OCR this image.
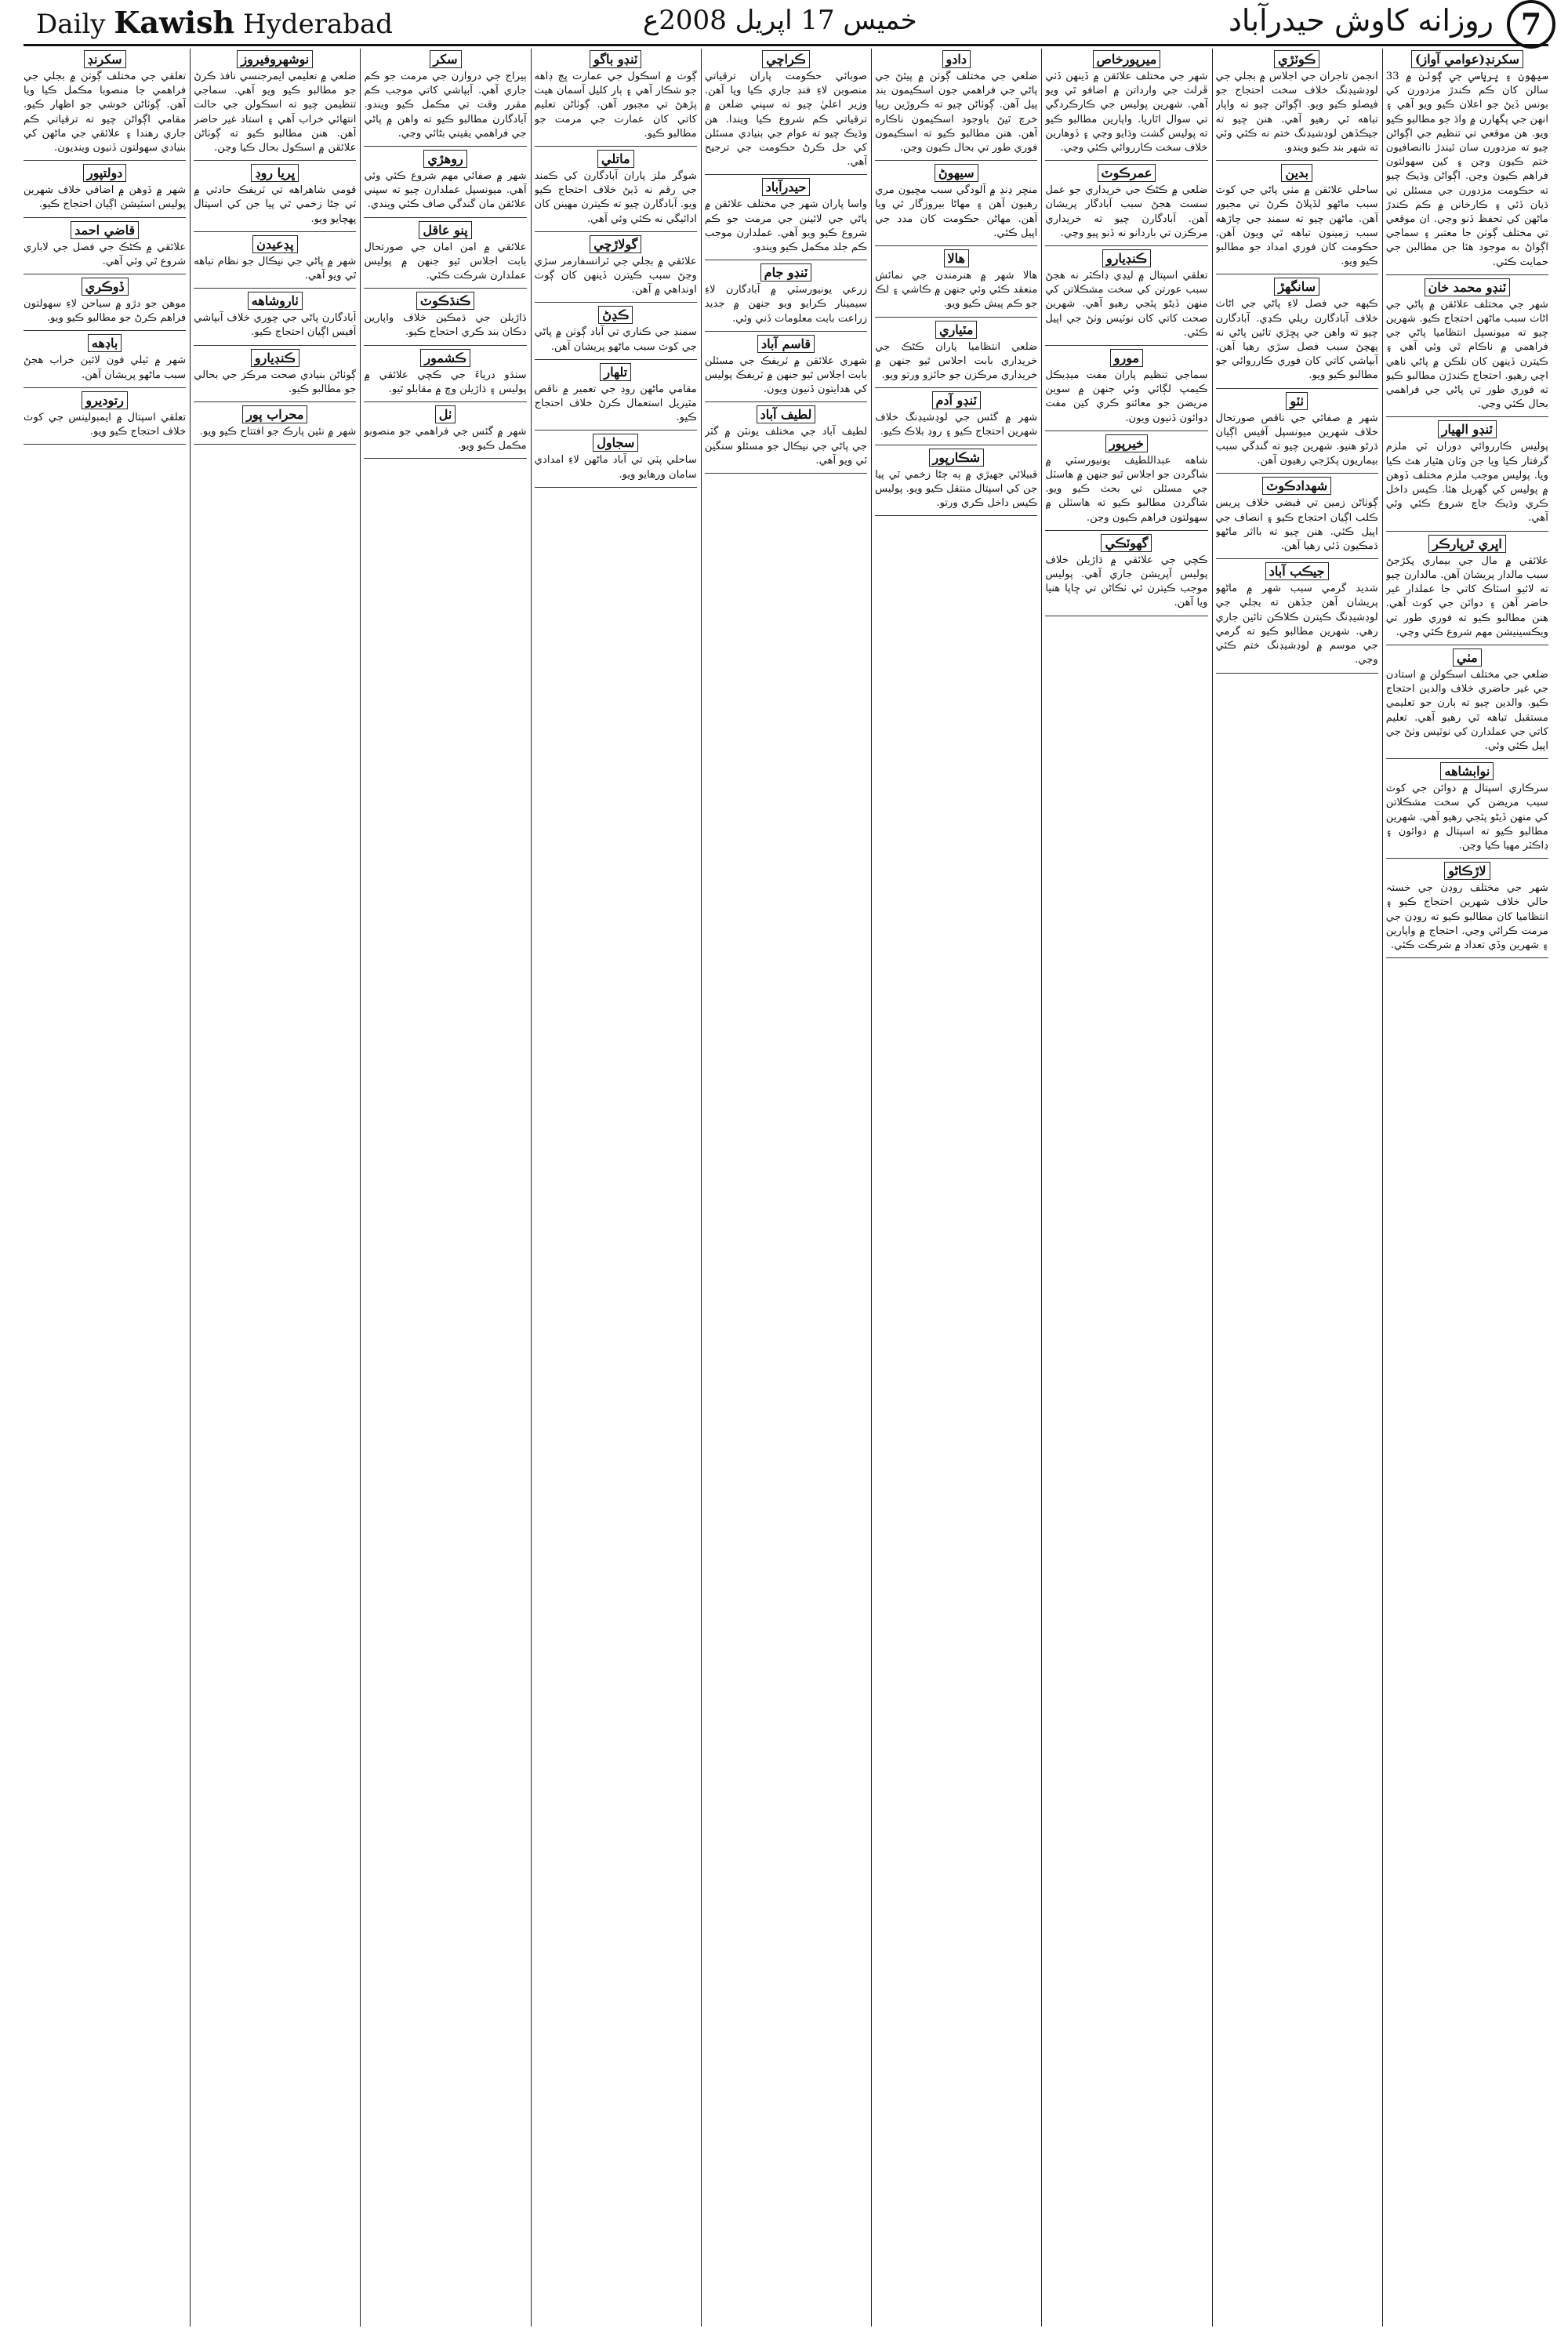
Daily Kawish Hyderabad	خميس 17 اپريل 2008ع	روزانه كاوش حيدرآباد 7
سكرنڊ(عوامي آواز)

سيهون ۽ ڀرپاسي جي ڳوٺن ۾ 33 سالن كان ڪم ڪندڙ مزدورن كي بونس ڏيڻ جو اعلان ڪيو ويو آهي ۽ انهن جي پگهارن ۾ واڌ جو مطالبو ڪيو ويو. هن موقعي تي تنظيم جي اڳواڻن چيو ته مزدورن سان ٿيندڙ ناانصافيون ختم ڪيون وڃن ۽ کين سهولتون فراهم ڪيون وڃن. اڳواڻن وڌيڪ چيو ته حڪومت مزدورن جي مسئلن تي ڌيان ڏئي ۽ ڪارخانن ۾ ڪم ڪندڙ ماڻهن کي تحفظ ڏنو وڃي. ان موقعي تي مختلف ڳوٺن جا معتبر ۽ سماجي اڳواڻ به موجود هئا جن مطالبن جي حمايت ڪئي.

ٽنڊو محمد خان

شهر جي مختلف علائقن ۾ پاڻي جي اڻاٺ سبب ماڻهن احتجاج ڪيو. شهرين چيو ته ميونسپل انتظاميا پاڻي جي فراهمي ۾ ناڪام ٿي وئي آهي ۽ ڪيترن ڏينهن کان نلڪن ۾ پاڻي ناهي اچي رهيو. احتجاج ڪندڙن مطالبو ڪيو ته فوري طور تي پاڻي جي فراهمي بحال ڪئي وڃي.

ٽنڊو الهيار

پوليس ڪارروائي دوران ٽي ملزم گرفتار ڪيا ويا جن وٽان هٿيار هٿ ڪيا ويا. پوليس موجب ملزم مختلف ڏوهن ۾ پوليس کي گهربل هئا. ڪيس داخل ڪري وڌيڪ جاچ شروع ڪئي وئي آهي.

اڀري ٿرپارڪر

علائقي ۾ مال جي بيماري پکڙجڻ سبب مالدار پريشان آهن. مالدارن چيو ته لائيو اسٽاڪ کاتي جا عملدار غير حاضر آهن ۽ دوائن جي کوٽ آهي. هنن مطالبو ڪيو ته فوري طور تي ويڪسينيشن مهم شروع ڪئي وڃي.

مٺي

ضلعي جي مختلف اسڪولن ۾ استادن جي غير حاضري خلاف والدين احتجاج ڪيو. والدين چيو ته ٻارن جو تعليمي مستقبل تباهه ٿي رهيو آهي. تعليم کاتي جي عملدارن کي نوٽيس وٺڻ جي اپيل ڪئي وئي.

نوابشاهه

سرڪاري اسپتال ۾ دوائن جي کوٽ سبب مريضن کي سخت مشڪلاتن کي منهن ڏيڻو پئجي رهيو آهي. شهرين مطالبو ڪيو ته اسپتال ۾ دوائون ۽ ڊاڪٽر مهيا ڪيا وڃن.

لاڙڪاڻو

شهر جي مختلف روڊن جي خستہ حالي خلاف شهرين احتجاج ڪيو ۽ انتظاميا کان مطالبو ڪيو ته روڊن جي مرمت ڪرائي وڃي. احتجاج ۾ واپارين ۽ شهرين وڏي تعداد ۾ شرڪت ڪئي.

ڪوٽڙي

انجمن تاجران جي اجلاس ۾ بجلي جي لوڊشيڊنگ خلاف سخت احتجاج جو فيصلو ڪيو ويو. اڳواڻن چيو ته واپار تباهه ٿي رهيو آهي. هنن چيو ته جيڪڏهن لوڊشيڊنگ ختم نه ڪئي وئي ته شهر بند ڪيو ويندو.

بدين

ساحلي علائقن ۾ مٺي پاڻي جي کوٽ سبب ماڻهو لڏپلاڻ ڪرڻ تي مجبور آهن. ماڻهن چيو ته سمنڊ جي چاڙهه سبب زمينون تباهه ٿي ويون آهن. حڪومت کان فوري امداد جو مطالبو ڪيو ويو.

سانگهڙ

ڪپهه جي فصل لاءِ پاڻي جي اڻاٺ خلاف آبادگارن ريلي ڪڍي. آبادگارن چيو ته واهن جي پڇڙي تائين پاڻي نه پهچڻ سبب فصل سڙي رهيا آهن. آبپاشي کاتي کان فوري ڪارروائي جو مطالبو ڪيو ويو.

ٺٽو

شهر ۾ صفائي جي ناقص صورتحال خلاف شهرين ميونسپل آفيس اڳيان ڌرڻو هنيو. شهرين چيو ته گندگي سبب بيماريون پکڙجي رهيون آهن.

شهدادڪوٽ

ڳوٺاڻن زمين تي قبضي خلاف پريس ڪلب اڳيان احتجاج ڪيو ۽ انصاف جي اپيل ڪئي. هنن چيو ته بااثر ماڻهو ڌمڪيون ڏئي رهيا آهن.

جيڪب آباد

شديد گرمي سبب شهر ۾ ماڻهو پريشان آهن جڏهن ته بجلي جي لوڊشيڊنگ ڪيترن ڪلاڪن تائين جاري رهي. شهرين مطالبو ڪيو ته گرمي جي موسم ۾ لوڊشيڊنگ ختم ڪئي وڃي.

ميرپورخاص

شهر جي مختلف علائقن ۾ ڏينهن ڏٺي ڦرلٽ جي وارداتن ۾ اضافو ٿي ويو آهي. شهرين پوليس جي ڪارڪردگي تي سوال اٿاريا. واپارين مطالبو ڪيو ته پوليس گشت وڌايو وڃي ۽ ڏوهارين خلاف سخت ڪارروائي ڪئي وڃي.

عمرڪوٽ

ضلعي ۾ ڪڻڪ جي خريداري جو عمل سست هجڻ سبب آبادگار پريشان آهن. آبادگارن چيو ته خريداري مرڪزن تي باردانو نه ڏنو پيو وڃي.

ڪنڊيارو

تعلقي اسپتال ۾ ليڊي ڊاڪٽر نه هجڻ سبب عورتن کي سخت مشڪلاتن کي منهن ڏيڻو پئجي رهيو آهي. شهرين صحت کاتي کان نوٽيس وٺڻ جي اپيل ڪئي.

مورو

سماجي تنظيم پاران مفت ميڊيڪل ڪيمپ لڳائي وئي جنهن ۾ سوين مريضن جو معائنو ڪري کين مفت دوائون ڏنيون ويون.

خيرپور

شاهه عبداللطيف يونيورسٽي ۾ شاگردن جو اجلاس ٿيو جنهن ۾ هاسٽل جي مسئلن تي بحث ڪيو ويو. شاگردن مطالبو ڪيو ته هاسٽلن ۾ سهولتون فراهم ڪيون وڃن.

گهوٽڪي

ڪچي جي علائقي ۾ ڌاڙيلن خلاف پوليس آپريشن جاري آهي. پوليس موجب ڪيترن ئي ٺڪاڻن تي ڇاپا هنيا ويا آهن.

دادو

ضلعي جي مختلف ڳوٺن ۾ پيئڻ جي پاڻي جي فراهمي جون اسڪيمون بند پيل آهن. ڳوٺاڻن چيو ته ڪروڙين رپيا خرچ ٿيڻ باوجود اسڪيمون ناڪاره آهن. هنن مطالبو ڪيو ته اسڪيمون فوري طور تي بحال ڪيون وڃن.

سيهوڻ

منڇر ڍنڍ ۾ آلودگي سبب مڇيون مري رهيون آهن ۽ مهاڻا بيروزگار ٿي ويا آهن. مهاڻن حڪومت کان مدد جي اپيل ڪئي.

هالا

هالا شهر ۾ هنرمندن جي نمائش منعقد ڪئي وئي جنهن ۾ ڪاشي ۽ لڪ جو ڪم پيش ڪيو ويو.

مٽياري

ضلعي انتظاميا پاران ڪڻڪ جي خريداري بابت اجلاس ٿيو جنهن ۾ خريداري مرڪزن جو جائزو ورتو ويو.

ٽنڊو آدم

شهر ۾ گئس جي لوڊشيڊنگ خلاف شهرين احتجاج ڪيو ۽ روڊ بلاڪ ڪيو.

شڪارپور

قبيلائي جهيڙي ۾ ٻه ڄڻا زخمي ٿي پيا جن کي اسپتال منتقل ڪيو ويو. پوليس ڪيس داخل ڪري ورتو.

ڪراچي

صوبائي حڪومت پاران ترقياتي منصوبن لاءِ فنڊ جاري ڪيا ويا آهن. وزير اعليٰ چيو ته سڀني ضلعن ۾ ترقياتي ڪم شروع ڪيا ويندا. هن وڌيڪ چيو ته عوام جي بنيادي مسئلن کي حل ڪرڻ حڪومت جي ترجيح آهي.

حيدرآباد

واسا پاران شهر جي مختلف علائقن ۾ پاڻي جي لائينن جي مرمت جو ڪم شروع ڪيو ويو آهي. عملدارن موجب ڪم جلد مڪمل ڪيو ويندو.

ٽنڊو جام

زرعي يونيورسٽي ۾ آبادگارن لاءِ سيمينار ڪرايو ويو جنهن ۾ جديد زراعت بابت معلومات ڏني وئي.

قاسم آباد

شهري علائقن ۾ ٽريفڪ جي مسئلن بابت اجلاس ٿيو جنهن ۾ ٽريفڪ پوليس کي هدايتون ڏنيون ويون.

لطيف آباد

لطيف آباد جي مختلف يونٽن ۾ گٽر جي پاڻي جي نيڪال جو مسئلو سنگين ٿي ويو آهي.

ٽنڊو باگو

ڳوٺ ۾ اسڪول جي عمارت ڀڄ ڊاهه جو شڪار آهي ۽ ٻار کليل آسمان هيٺ پڙهڻ تي مجبور آهن. ڳوٺاڻن تعليم کاتي کان عمارت جي مرمت جو مطالبو ڪيو.

ماتلي

شوگر ملز پاران آبادگارن کي ڪمند جي رقم نه ڏيڻ خلاف احتجاج ڪيو ويو. آبادگارن چيو ته ڪيترن مهينن کان ادائيگي نه ڪئي وئي آهي.

گولاڙڇي

علائقي ۾ بجلي جي ٽرانسفارمر سڙي وڃڻ سبب ڪيترن ڏينهن کان ڳوٺ اونداهي ۾ آهن.

ڪڍڻ

سمنڊ جي ڪناري تي آباد ڳوٺن ۾ پاڻي جي کوٽ سبب ماڻهو پريشان آهن.

تلهار

مقامي ماڻهن روڊ جي تعمير ۾ ناقص مٽيريل استعمال ڪرڻ خلاف احتجاج ڪيو.

سجاول

ساحلي پٽي تي آباد ماڻهن لاءِ امدادي سامان ورهايو ويو.

سکر

ٻيراج جي دروازن جي مرمت جو ڪم جاري آهي. آبپاشي کاتي موجب ڪم مقرر وقت تي مڪمل ڪيو ويندو. آبادگارن مطالبو ڪيو ته واهن ۾ پاڻي جي فراهمي يقيني بڻائي وڃي.

روهڙي

شهر ۾ صفائي مهم شروع ڪئي وئي آهي. ميونسپل عملدارن چيو ته سڀني علائقن مان گندگي صاف ڪئي ويندي.

پنو عاقل

علائقي ۾ امن امان جي صورتحال بابت اجلاس ٿيو جنهن ۾ پوليس عملدارن شرڪت ڪئي.

ڪنڌڪوٽ

ڌاڙيلن جي ڌمڪين خلاف واپارين دڪان بند ڪري احتجاج ڪيو.

ڪشمور

سنڌو درياءَ جي ڪچي علائقي ۾ پوليس ۽ ڌاڙيلن وچ ۾ مقابلو ٿيو.

ٺل

شهر ۾ گئس جي فراهمي جو منصوبو مڪمل ڪيو ويو.

نوشهروفيروز

ضلعي ۾ تعليمي ايمرجنسي نافذ ڪرڻ جو مطالبو ڪيو ويو آهي. سماجي تنظيمن چيو ته اسڪولن جي حالت انتهائي خراب آهي ۽ استاد غير حاضر آهن. هنن مطالبو ڪيو ته ڳوٺاڻن علائقن ۾ اسڪول بحال ڪيا وڃن.

ڀريا روڊ

قومي شاهراهه تي ٽريفڪ حادثي ۾ ٽي ڄڻا زخمي ٿي پيا جن کي اسپتال پهچايو ويو.

پڊعيدن

شهر ۾ پاڻي جي نيڪال جو نظام تباهه ٿي ويو آهي.

ٺاروشاهه

آبادگارن پاڻي جي چوري خلاف آبپاشي آفيس اڳيان احتجاج ڪيو.

ڪنڊيارو

ڳوٺاڻن بنيادي صحت مرڪز جي بحالي جو مطالبو ڪيو.

محراب پور

شهر ۾ نئين پارڪ جو افتتاح ڪيو ويو.

سکرنڊ

تعلقي جي مختلف ڳوٺن ۾ بجلي جي فراهمي جا منصوبا مڪمل ڪيا ويا آهن. ڳوٺاڻن خوشي جو اظهار ڪيو. مقامي اڳواڻن چيو ته ترقياتي ڪم جاري رهندا ۽ علائقي جي ماڻهن کي بنيادي سهولتون ڏنيون وينديون.

دولتپور

شهر ۾ ڏوهن ۾ اضافي خلاف شهرين پوليس اسٽيشن اڳيان احتجاج ڪيو.

قاضي احمد

علائقي ۾ ڪڻڪ جي فصل جي لاباري شروع ٿي وئي آهي.

ڏوڪري

موهن جو دڙو ۾ سياحن لاءِ سهولتون فراهم ڪرڻ جو مطالبو ڪيو ويو.

باڊهه

شهر ۾ ٽيلي فون لائين خراب هجڻ سبب ماڻهو پريشان آهن.

رتوديرو

تعلقي اسپتال ۾ ايمبولينس جي کوٽ خلاف احتجاج ڪيو ويو.
